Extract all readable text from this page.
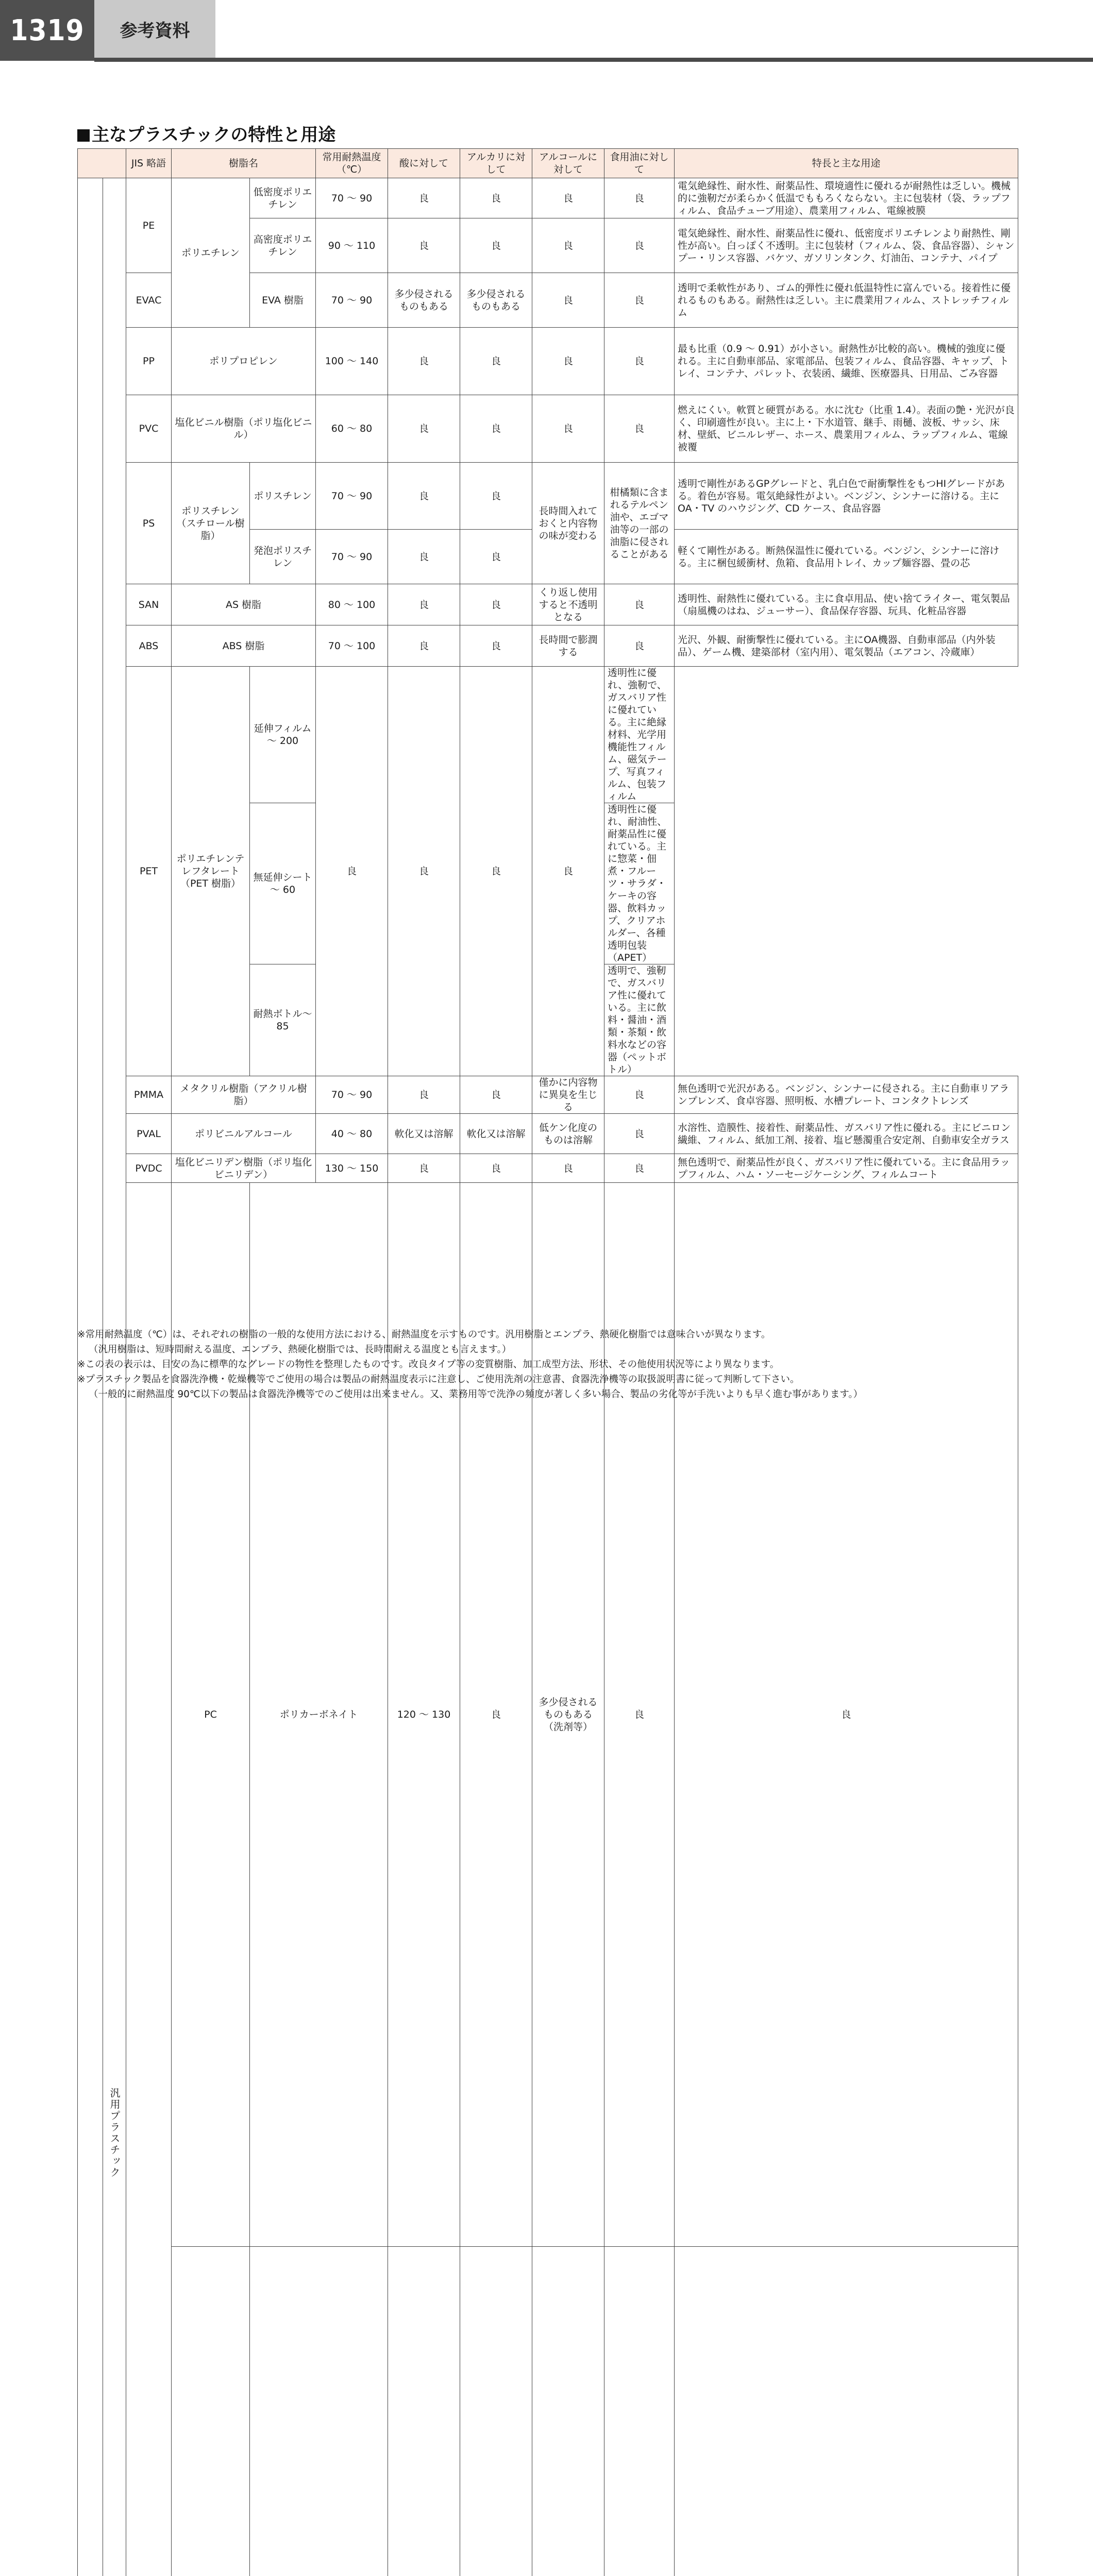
1319	参考資料
主なプラスチックの特性と用途
		JIS 略語	樹脂名		常用耐熱温度（℃）	酸に対して	アルカリに対して	アルコールに対して	食用油に対して	特長と主な用途	
	汎用プラスチック	PE	ポリエチレン	低密度ポリエチレン	70 ～ 90	良	良	良	良	電気絶縁性、耐水性、耐薬品性、環境適性に優れるが耐熱性は乏しい。機械的に強靭だが柔らかく低温でももろくならない。主に包装材（袋、ラップフィルム、食品チューブ用途）、農業用フィルム、電線被膜	
				高密度ポリエチレン	90 ～ 110	良	良	良	良	電気絶縁性、耐水性、耐薬品性に優れ、低密度ポリエチレンより耐熱性、剛性が高い。白っぽく不透明。主に包装材（フィルム、袋、食品容器）、シャンプー・リンス容器、バケツ、ガソリンタンク、灯油缶、コンテナ、パイプ	
		EVAC		EVA 樹脂	70 ～ 90	多少侵されるものもある	多少侵されるものもある	良	良	透明で柔軟性があり、ゴム的弾性に優れ低温特性に富んでいる。接着性に優れるものもある。耐熱性は乏しい。主に農業用フィルム、ストレッチフィルム	
		PP	ポリプロピレン		100 ～ 140	良	良	良	良	最も比重（0.9 ～ 0.91）が小さい。耐熱性が比較的高い。機械的強度に優れる。主に自動車部品、家電部品、包装フィルム、食品容器、キャップ、トレイ、コンテナ、パレット、衣装函、繊維、医療器具、日用品、ごみ容器	
		PVC	塩化ビニル樹脂（ポリ塩化ビニル）		60 ～ 80	良	良	良	良	燃えにくい。軟質と硬質がある。水に沈む（比重 1.4）。表面の艶・光沢が良く、印刷適性が良い。主に上・下水道管、継手、雨樋、波板、サッシ、床材、壁紙、ビニルレザー、ホース、農業用フィルム、ラップフィルム、電線被覆	
		PS	ポリスチレン（スチロール樹脂）	ポリスチレン	70 ～ 90	良	良	長時間入れておくと内容物の味が変わる	柑橘類に含まれるテルペン油や、エゴマ油等の一部の油脂に侵されることがある	透明で剛性があるGPグレードと、乳白色で耐衝撃性をもつHIグレードがある。着色が容易。電気絶縁性がよい。ベンジン、シンナーに溶ける。主に OA・TV のハウジング、CD ケース、食品容器	
				発泡ポリスチレン	70 ～ 90	良	良			軽くて剛性がある。断熱保温性に優れている。ベンジン、シンナーに溶ける。主に梱包緩衝材、魚箱、食品用トレイ、カップ麺容器、畳の芯	
		SAN	AS 樹脂		80 ～ 100	良	良	くり返し使用すると不透明となる	良	透明性、耐熱性に優れている。主に食卓用品、使い捨てライター、電気製品（扇風機のはね、ジューサー）、食品保存容器、玩具、化粧品容器	
		ABS	ABS 樹脂		70 ～ 100	良	良	長時間で膨潤する	良	光沢、外観、耐衝撃性に優れている。主にOA機器、自動車部品（内外装品）、ゲーム機、建築部材（室内用）、電気製品（エアコン、冷蔵庫）	
		PET	ポリエチレンテレフタレート（PET 樹脂）	延伸フィルム～ 200	良	良	良	良	透明性に優れ、強靭で、ガスバリア性に優れている。主に絶縁材料、光学用機能性フィルム、磁気テープ、写真フィルム、包装フィルム		
				無延伸シート～ 60					透明性に優れ、耐油性、耐薬品性に優れている。主に惣菜・佃煮・フルーツ・サラダ・ケーキの容器、飲料カップ、クリアホルダー、各種透明包装（APET）		
				耐熱ボトル～ 85					透明で、強靭で、ガスバリア性に優れている。主に飲料・醤油・酒類・茶類・飲料水などの容器（ペットボトル）		
		PMMA	メタクリル樹脂（アクリル樹脂）		70 ～ 90	良	良	僅かに内容物に異臭を生じる	良	無色透明で光沢がある。ベンジン、シンナーに侵される。主に自動車リアランプレンズ、食卓容器、照明板、水槽プレート、コンタクトレンズ	
		PVAL	ポリビニルアルコール		40 ～ 80	軟化又は溶解	軟化又は溶解	低ケン化度のものは溶解	良	水溶性、造膜性、接着性、耐薬品性、ガスバリア性に優れる。主にビニロン繊維、フィルム、紙加工剤、接着、塩ビ懸濁重合安定剤、自動車安全ガラス	
		PVDC	塩化ビニリデン樹脂（ポリ塩化ビニリデン）		130 ～ 150	良	良	良	良	無色透明で、耐薬品性が良く、ガスバリア性に優れている。主に食品用ラップフィルム、ハム・ソーセージケーシング、フィルムコート	
	PC	ポリカーボネイト		120 ～ 130	良	多少侵されるものもある（洗剤等）	良	良	

※常用耐熱温度（℃）は、それぞれの樹脂の一般的な使用方法における、耐熱温度を示すものです。汎用樹脂とエンプラ、熱硬化樹脂では意味合いが異なります。
（汎用樹脂は、短時間耐える温度、エンプラ、熱硬化樹脂では、長時間耐える温度とも言えます。）
※この表の表示は、目安の為に標準的なグレードの物性を整理したものです。改良タイプ等の変質樹脂、加工成型方法、形状、その他使用状況等により異なります。
※プラスチック製品を食器洗浄機・乾燥機等でご使用の場合は製品の耐熱温度表示に注意し、ご使用洗剤の注意書、食器洗浄機等の取扱説明書に従って判断して下さい。
（一般的に耐熱温度 90℃以下の製品は食器洗浄機等でのご使用は出来ません。又、業務用等で洗浄の頻度が著しく多い場合、製品の劣化等が手洗いよりも早く進む事があります。）
